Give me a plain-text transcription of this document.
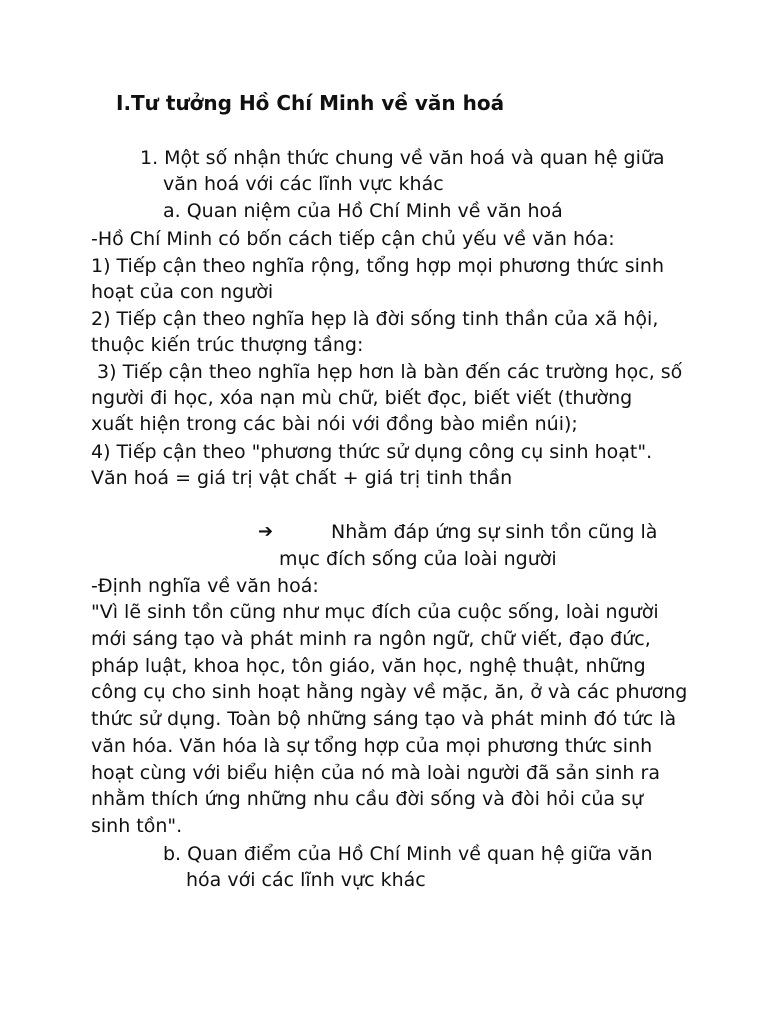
I.Tư tưởng Hồ Chí Minh về văn hoá
1. Một số nhận thức chung về văn hoá và quan hệ giữa
văn hoá với các lĩnh vực khác
a. Quan niệm của Hồ Chí Minh về văn hoá
-Hồ Chí Minh có bốn cách tiếp cận chủ yếu về văn hóa:
1) Tiếp cận theo nghĩa rộng, tổng hợp mọi phương thức sinh
hoạt của con người
2) Tiếp cận theo nghĩa hẹp là đời sống tinh thần của xã hội,
thuộc kiến trúc thượng tầng:
3) Tiếp cận theo nghĩa hẹp hơn là bàn đến các trường học, số
người đi học, xóa nạn mù chữ, biết đọc, biết viết (thường
xuất hiện trong các bài nói với đồng bào miền núi);
4) Tiếp cận theo "phương thức sử dụng công cụ sinh hoạt".
Văn hoá = giá trị vật chất + giá trị tinh thần
➔	Nhằm đáp ứng sự sinh tồn cũng là
mục đích sống của loài người
-Định nghĩa về văn hoá:
"Vì lẽ sinh tồn cũng như mục đích của cuộc sống, loài người
mới sáng tạo và phát minh ra ngôn ngữ, chữ viết, đạo đức,
pháp luật, khoa học, tôn giáo, văn học, nghệ thuật, những
công cụ cho sinh hoạt hằng ngày về mặc, ăn, ở và các phương
thức sử dụng. Toàn bộ những sáng tạo và phát minh đó tức là
văn hóa. Văn hóa là sự tổng hợp của mọi phương thức sinh
hoạt cùng với biểu hiện của nó mà loài người đã sản sinh ra
nhằm thích ứng những nhu cầu đời sống và đòi hỏi của sự
sinh tồn".
b. Quan điểm của Hồ Chí Minh về quan hệ giữa văn
hóa với các lĩnh vực khác
